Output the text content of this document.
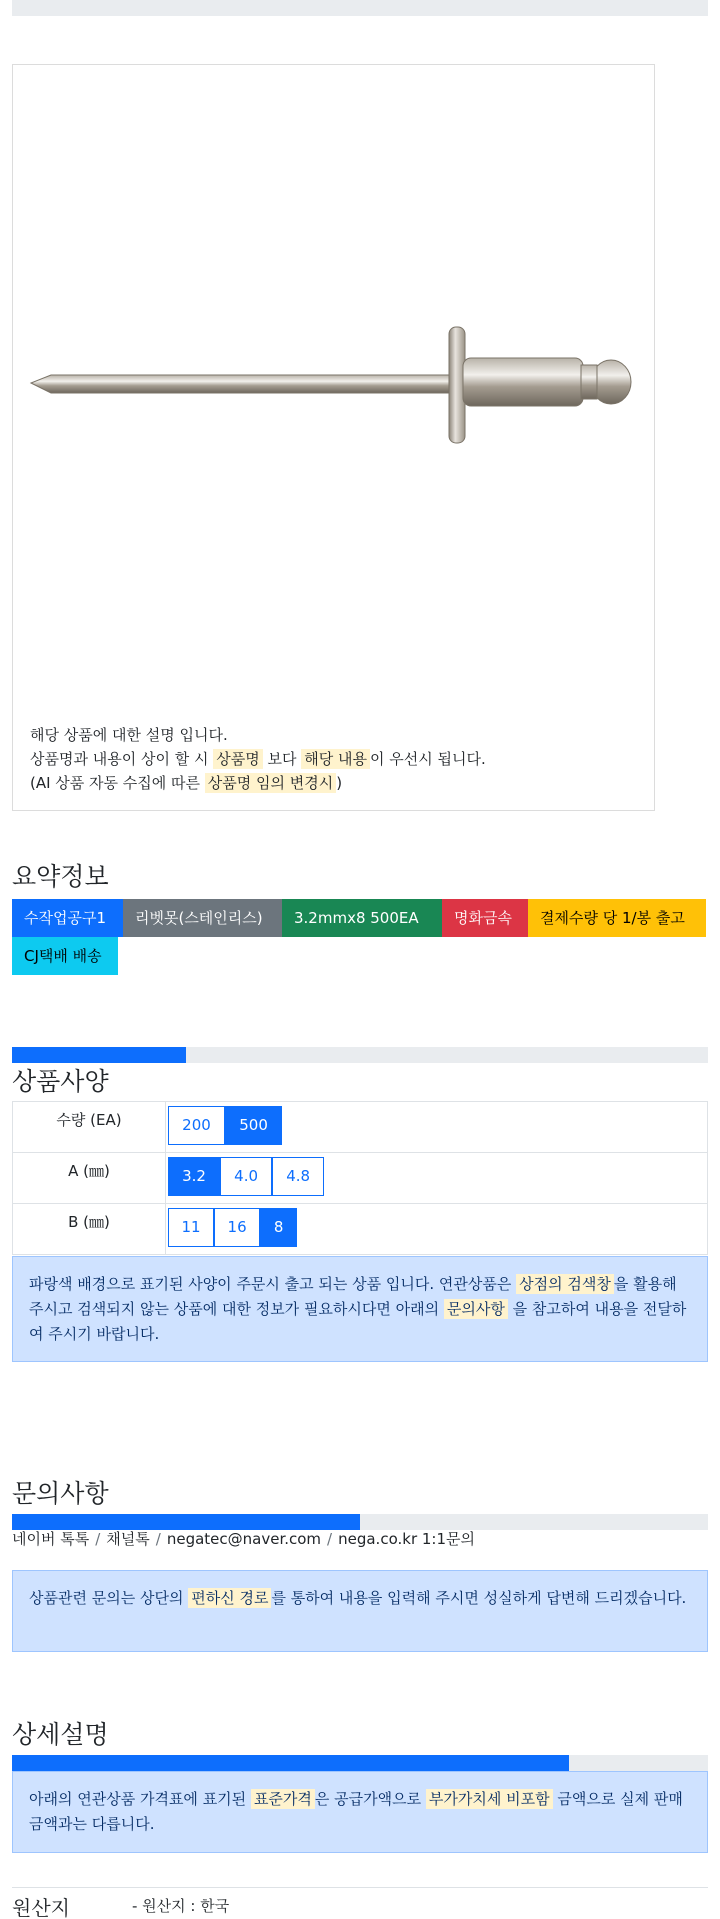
해당 상품에 대한 설명 입니다.
상품명과 내용이 상이 할 시 상품명 보다 해당 내용 이 우선시 됩니다.
(AI 상품 자동 수집에 따른 상품명 임의 변경시 )
요약정보
수작업공구1	리벳못(스테인리스)	3.2mmx8 500EA	명화금속	결제수량 당 1/봉 출고
CJ택배 배송
상품사양
수량 (EA)	200 500
A (㎜)	3.2 4.0 4.8
B (㎜)	11 16 8
파랑색 배경으로 표기된 사양이 주문시 출고 되는 상품 입니다. 연관상품은 상점의 검색창 을 활용해 주시고 검색되지 않는 상품에 대한 정보가 필요하시다면 아래의 문의사항 을 참고하여 내용을 전달하여 주시기 바랍니다.
문의사항
네이버 톡톡 / 채널톡 / negatec@naver.com / nega.co.kr 1:1문의
상품관련 문의는 상단의 편하신 경로 를 통하여 내용을 입력해 주시면 성실하게 답변해 드리겠습니다.
상세설명
아래의 연관상품 가격표에 표기된 표준가격 은 공급가액으로 부가가치세 비포함 금액으로 실제 판매금액과는 다릅니다.
원산지	- 원산지 : 한국
